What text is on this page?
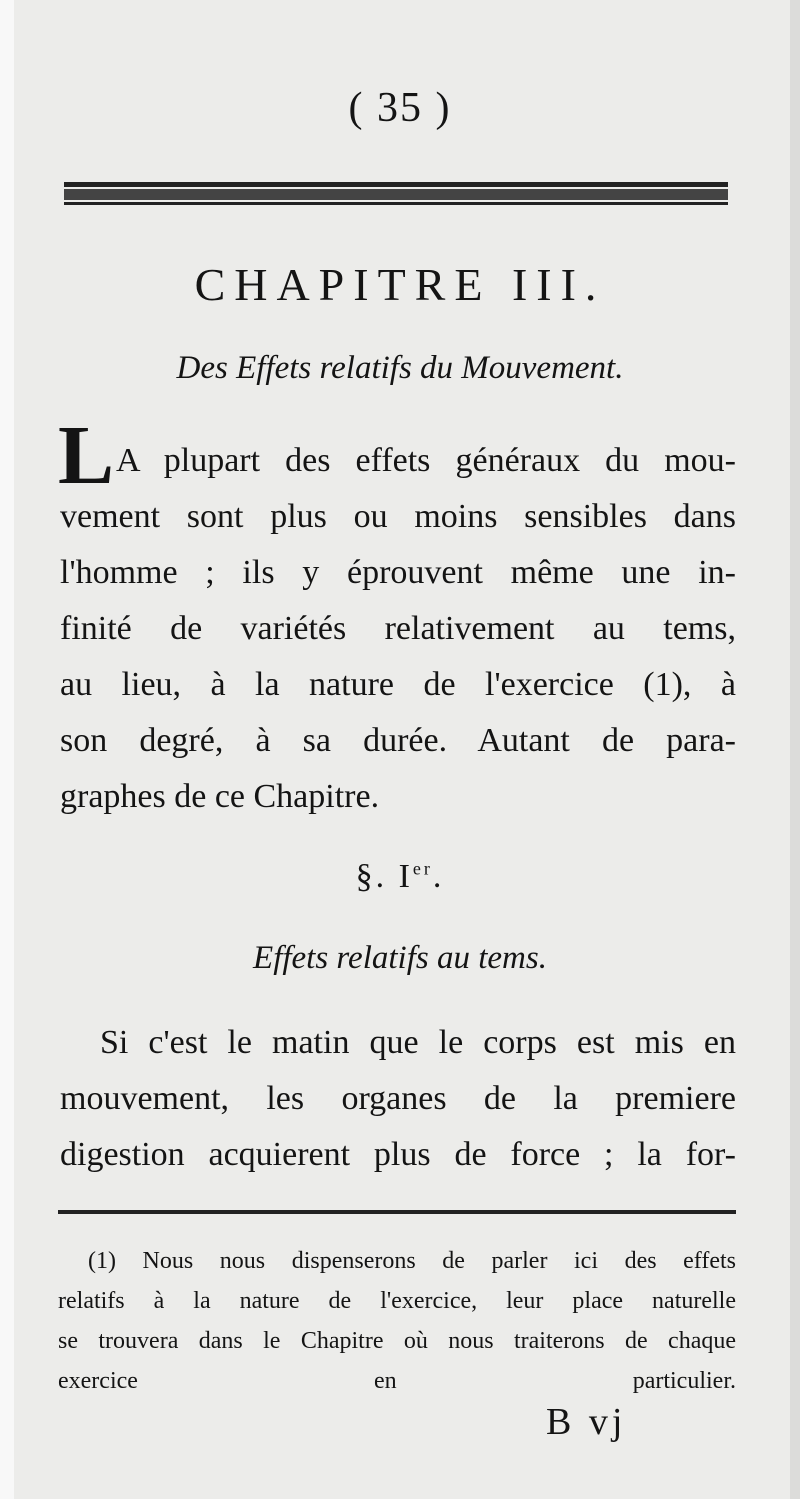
( 35 )
CHAPITRE III.
Des Effets relatifs du Mouvement.
L A plupart des effets généraux du mou-
vement sont plus ou moins sensibles dans
l'homme ; ils y éprouvent même une in-
finité de variétés relativement au tems,
au lieu, à la nature de l'exercice (1), à
son degré, à sa durée. Autant de para-
graphes de ce Chapitre.
§. Ier.
Effets relatifs au tems.
Si c'est le matin que le corps est mis en
mouvement, les organes de la premiere
digestion acquierent plus de force ; la for-
(1) Nous nous dispenserons de parler ici des effets
relatifs à la nature de l'exercice, leur place naturelle
se trouvera dans le Chapitre où nous traiterons de chaque
exercice en particulier.
B vj
